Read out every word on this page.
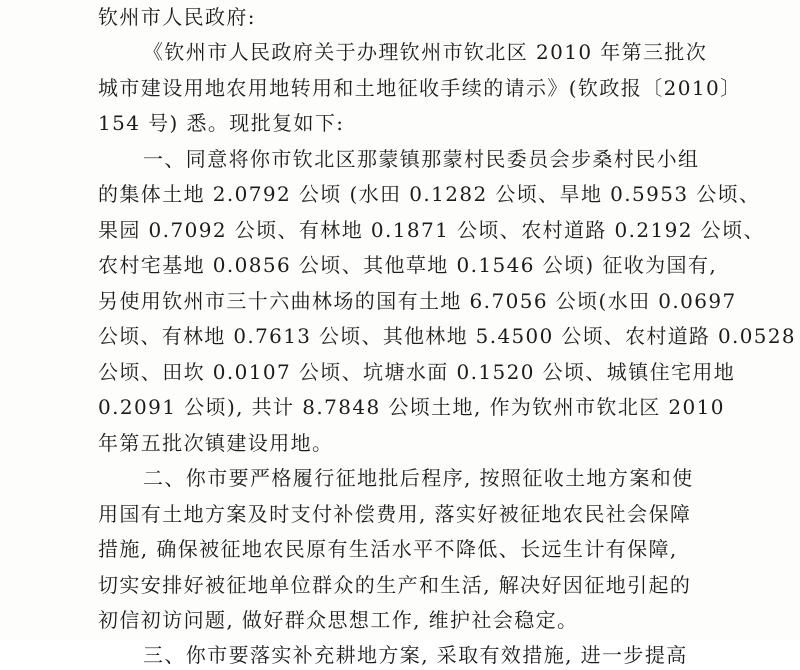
钦州市人民政府:
《钦州市人民政府关于办理钦州市钦北区 2010 年第三批次
城市建设用地农用地转用和土地征收手续的请示》(钦政报〔2010〕
154 号) 悉。现批复如下:
一、同意将你市钦北区那蒙镇那蒙村民委员会步桑村民小组
的集体土地 2.0792 公顷 (水田 0.1282 公顷、旱地 0.5953 公顷、
果园 0.7092 公顷、有林地 0.1871 公顷、农村道路 0.2192 公顷、
农村宅基地 0.0856 公顷、其他草地 0.1546 公顷) 征收为国有,
另使用钦州市三十六曲林场的国有土地 6.7056 公顷(水田 0.0697
公顷、有林地 0.7613 公顷、其他林地 5.4500 公顷、农村道路 0.0528
公顷、田坎 0.0107 公顷、坑塘水面 0.1520 公顷、城镇住宅用地
0.2091 公顷), 共计 8.7848 公顷土地, 作为钦州市钦北区 2010
年第五批次镇建设用地。
二、你市要严格履行征地批后程序, 按照征收土地方案和使
用国有土地方案及时支付补偿费用, 落实好被征地农民社会保障
措施, 确保被征地农民原有生活水平不降低、长远生计有保障,
切实安排好被征地单位群众的生产和生活, 解决好因征地引起的
初信初访问题, 做好群众思想工作, 维护社会稳定。
三、你市要落实补充耕地方案, 采取有效措施, 进一步提高
